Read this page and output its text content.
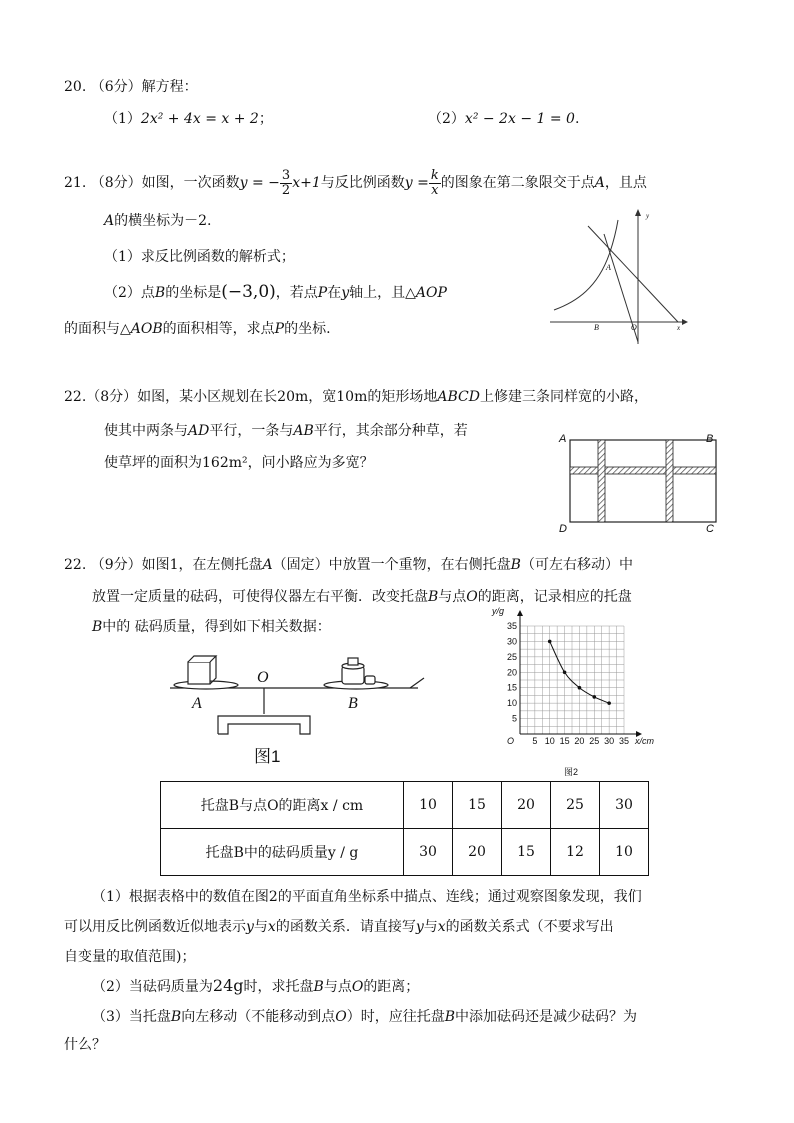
20. （6分）解方程：
（1）2x² + 4x = x + 2；	（2）x² − 2x − 1 = 0.
21. （8分）如图，一次函数y = − $\frac{3}{2} x+1$与反比例函数$y = \frac{k}{x}$ 的图象在第二象限交于点A，且点
A的横坐标为－2.
（1）求反比例函数的解析式；
（2）点B的坐标是(−3,0)，若点P在y轴上，且△AOP
的面积与△AOB的面积相等，求点P的坐标.
A
B	O	x
y
22.（8分）如图，某小区规划在长20m，宽10m的矩形场地ABCD上修建三条同样宽的小路，
使其中两条与AD平行，一条与AB平行，其余部分种草，若
使草坪的面积为162m²，问小路应为多宽？
A	B
D	C
22. （9分）如图1，在左侧托盘A（固定）中放置一个重物，在右侧托盘B（可左右移动）中
放置一定质量的砝码，可使得仪器左右平衡．改变托盘B与点O的距离，记录相应的托盘
B中的 砝码质量，得到如下相关数据：
O
A	B
图1
5 10 15 20 25 30 35
5
10
15
20
25
30
35
y/g
x/cm
O
图2
托盘B与点O的距离x / cm	10	15	20	25	30
托盘B中的砝码质量y / g	30	20	15	12	10
（1）根据表格中的数值在图2的平面直角坐标系中描点、连线；通过观察图象发现，我们
可以用反比例函数近似地表示y与x的函数关系．请直接写y与x的函数关系式（不要求写出
自变量的取值范围)；
（2）当砝码质量为24g时，求托盘B与点O的距离；
（3）当托盘B向左移动（不能移动到点O）时，应往托盘B中添加砝码还是减少砝码？为
什么？
